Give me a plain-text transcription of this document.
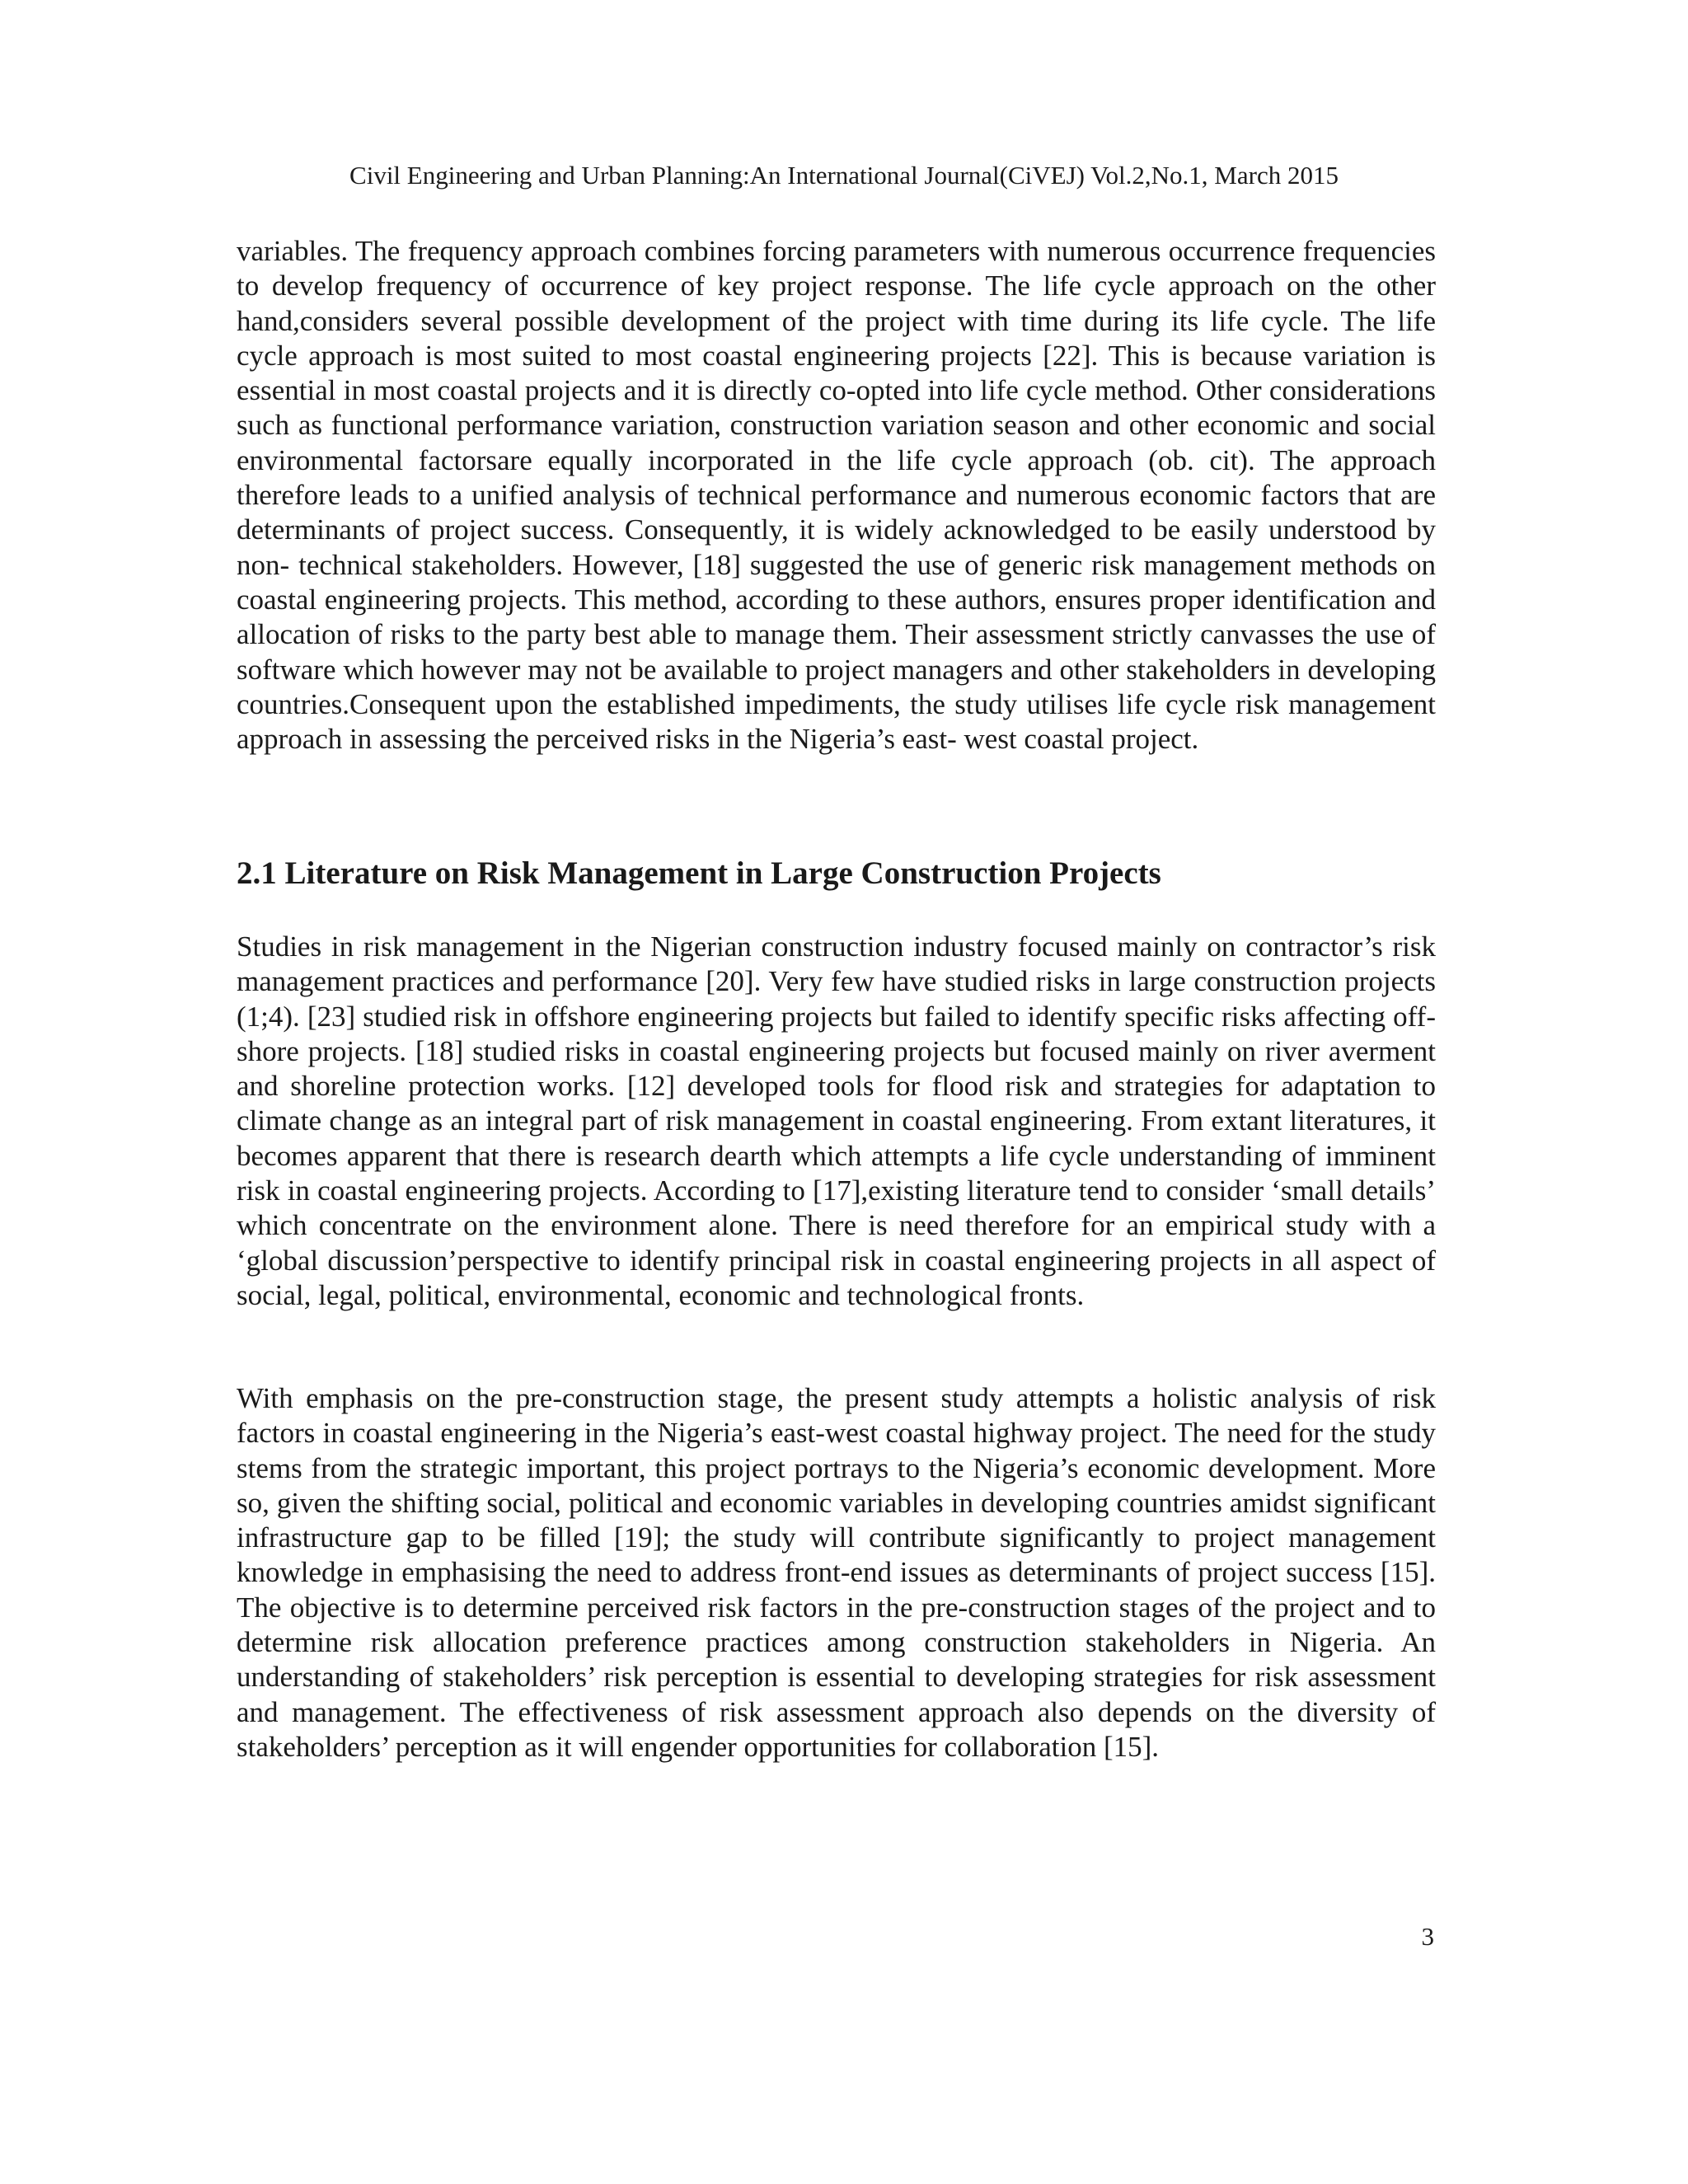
Civil Engineering and Urban Planning:An International Journal(CiVEJ) Vol.2,No.1, March 2015

variables. The frequency approach combines forcing parameters with numerous occurrence frequencies to develop frequency of occurrence of key project response. The life cycle approach on the other hand,considers several possible development of the project with time during its life cycle. The life cycle approach is most suited to most coastal engineering projects [22]. This is because variation is essential in most coastal projects and it is directly co-opted into life cycle method. Other considerations such as functional performance variation, construction variation season and other economic and social environmental factorsare equally incorporated in the life cycle approach (ob. cit). The approach therefore leads to a unified analysis of technical performance and numerous economic factors that are determinants of project success. Consequently, it is widely acknowledged to be easily understood by non- technical stakeholders. However, [18] suggested the use of generic risk management methods on coastal engineering projects. This method, according to these authors, ensures proper identification and allocation of risks to the party best able to manage them. Their assessment strictly canvasses the use of software which however may not be available to project managers and other stakeholders in developing countries.Consequent upon the established impediments, the study utilises life cycle risk management approach in assessing the perceived risks in the Nigeria’s east- west coastal project.

2.1 Literature on Risk Management in Large Construction Projects

Studies in risk management in the Nigerian construction industry focused mainly on contractor’s risk management practices and performance [20]. Very few have studied risks in large construction projects (1;4). [23] studied risk in offshore engineering projects but failed to identify specific risks affecting off-shore projects. [18] studied risks in coastal engineering projects but focused mainly on river averment and shoreline protection works. [12] developed tools for flood risk and strategies for adaptation to climate change as an integral part of risk management in coastal engineering. From extant literatures, it becomes apparent that there is research dearth which attempts a life cycle understanding of imminent risk in coastal engineering projects. According to [17],existing literature tend to consider ‘small details’ which concentrate on the environment alone. There is need therefore for an empirical study with a ‘global discussion’perspective to identify principal risk in coastal engineering projects in all aspect of social, legal, political, environmental, economic and technological fronts.

With emphasis on the pre-construction stage, the present study attempts a holistic analysis of risk factors in coastal engineering in the Nigeria’s east-west coastal highway project. The need for the study stems from the strategic important, this project portrays to the Nigeria’s economic development. More so, given the shifting social, political and economic variables in developing countries amidst significant infrastructure gap to be filled [19]; the study will contribute significantly to project management knowledge in emphasising the need to address front-end issues as determinants of project success [15]. The objective is to determine perceived risk factors in the pre-construction stages of the project and to determine risk allocation preference practices among construction stakeholders in Nigeria. An understanding of stakeholders’ risk perception is essential to developing strategies for risk assessment and management. The effectiveness of risk assessment approach also depends on the diversity of stakeholders’ perception as it will engender opportunities for collaboration [15].

3
